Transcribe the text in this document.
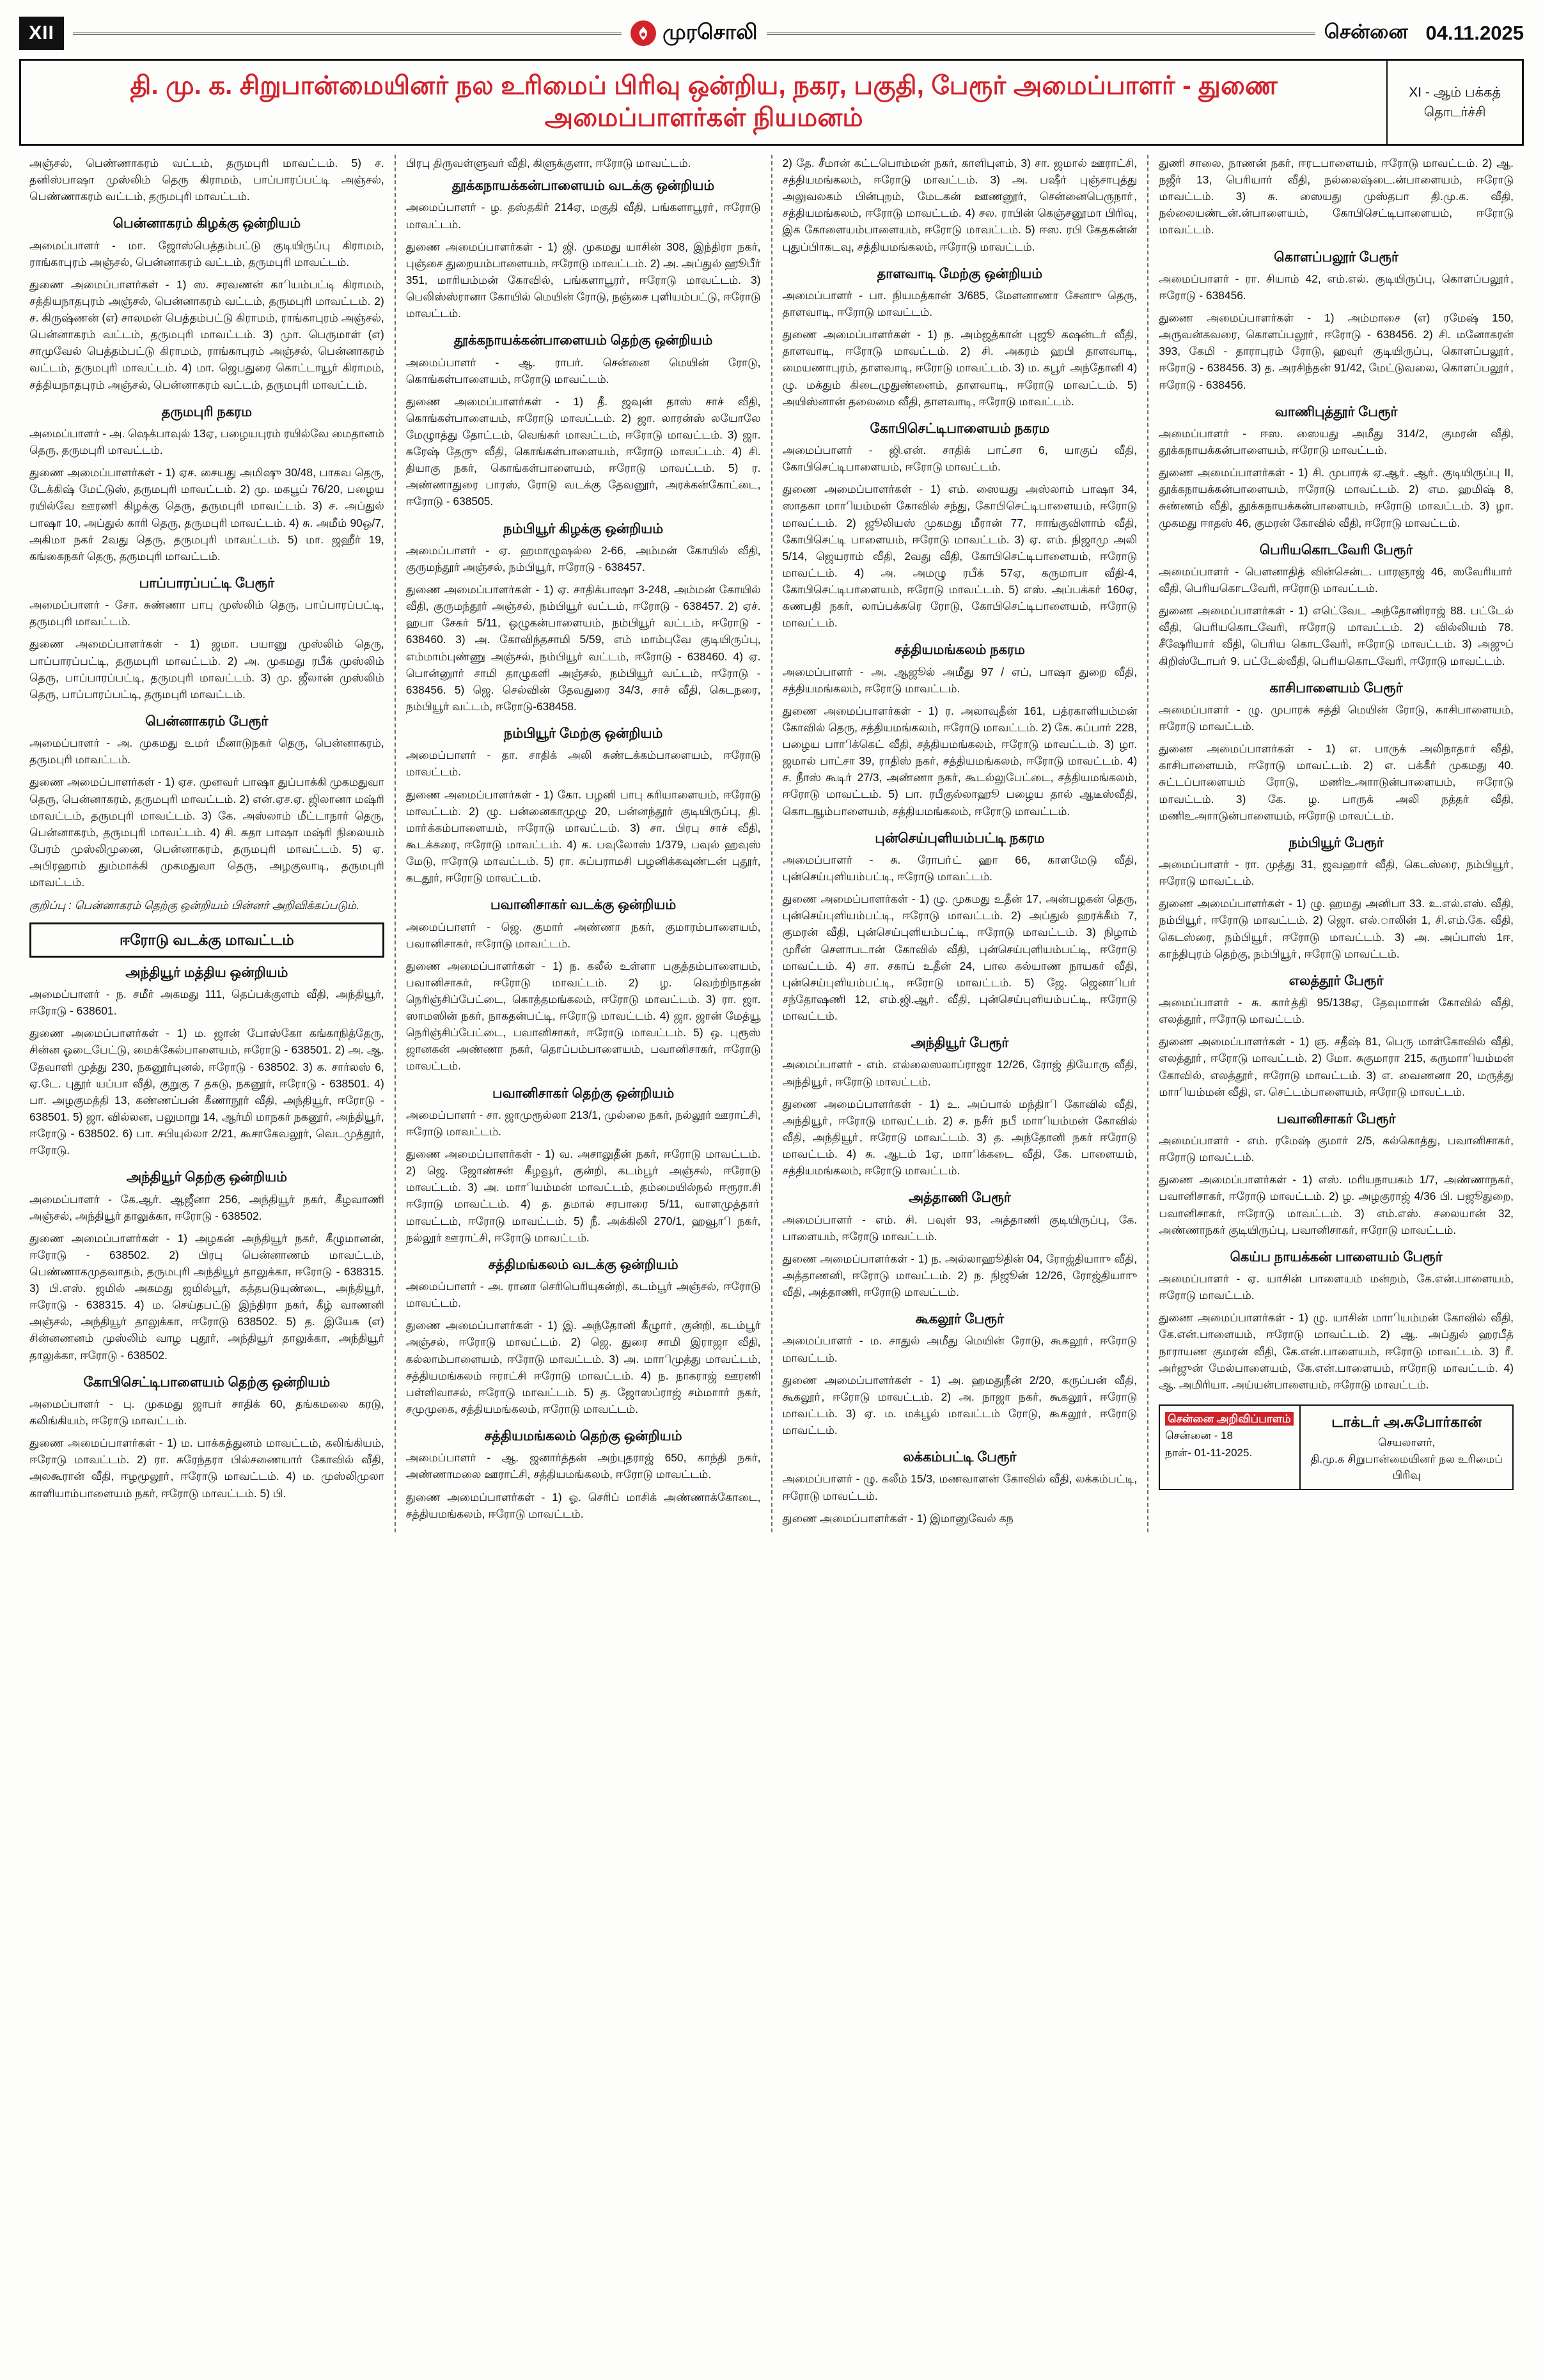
XII	முரசொலி	சென்னை 04.11.2025
தி. மு. க. சிறுபான்மையினர் நல உரிமைப் பிரிவு ஒன்றிய, நகர, பகுதி, பேரூர் அமைப்பாளர் - துணை அமைப்பாளர்கள் நியமனம்
XI - ஆம் பக்கத் தொடர்ச்சி

அஞ்சல், பெண்ணாகரம் வட்டம், தருமபுரி மாவட்டம். 5) ச. தனிஸ்பாஷா முஸ்லிம் தெரு கிராமம், பாப்பாரப்பட்டி அஞ்சல், பெண்ணாகரம் வட்டம், தருமபுரி மாவட்டம்.

பென்னாகரம் கிழக்கு ஒன்றியம்

அமைப்பாளர் - மா. ஜோஸ்பெத்தம்பட்டு குடியிருப்பு கிராமம், ராங்காபுரம் அஞ்சல், பென்னாகரம் வட்டம், தருமபுரி மாவட்டம்.

துணை அமைப்பாளர்கள் - 1) ஸ. சரவணன் காியம்பட்டி கிராமம், சத்தியநாதபுரம் அஞ்சல், பென்னாகரம் வட்டம், தருமபுரி மாவட்டம். 2) ச. கிருஷ்ணன் (எ) சாலமன் பெத்தம்பட்டு கிராமம், ராங்காபுரம் அஞ்சல், பென்னாகரம் வட்டம், தருமபுரி மாவட்டம். 3) முா. பெருமாள் (எ) சாமுவேல் பெத்தம்பட்டு கிராமம், ராங்காபுரம் அஞ்சல், பென்னாகரம் வட்டம், தருமபுரி மாவட்டம். 4) மா. ஜெபதுரை கொட்டாயூர் கிராமம், சத்தியநாதபுரம் அஞ்சல், பென்னாகரம் வட்டம், தருமபுரி மாவட்டம்.

தருமபுரி நகரம

அமைப்பாளர் - அ. ஷெக்பாவுல் 13ஏ, பழையபுரம் ரயில்வே மைதானம் தெரு, தருமபுரி மாவட்டம்.

துணை அமைப்பாளர்கள் - 1) ஏச. சையது அமிஷு 30/48, பாகவ தெரு, டேக்கிஷ் மேட்டுஸ், தருமபுரி மாவட்டம். 2) மு. மகபூப் 76/20, பழைய ரயில்வே ஊரணி கிழக்கு தெரு, தருமபுரி மாவட்டம். 3) ச. அப்துல் பாஷா 10, அப்துல் காரி தெரு, தருமபுரி மாவட்டம். 4) சு. அமீம் 90ஒ/7, அகிமா நகர் 2வது தெரு, தருமபுரி மாவட்டம். 5) மா. ஜஹீர் 19, கங்கைநகர் தெரு, தருமபுரி மாவட்டம்.

பாப்பாரப்பட்டி பேரூர்

அமைப்பாளர் - சோ. சுண்ணா பாபு முஸ்லிம் தெரு, பாப்பாரப்பட்டி, தருமபுரி மாவட்டம்.

துணை அமைப்பாளர்கள் - 1) ஜமா. பயானு முஸ்லிம் தெரு, பாப்பாரப்பட்டி, தருமபுரி மாவட்டம். 2) அ. முகமது ரபீக் முஸ்லிம் தெரு, பாப்பாரப்பட்டி, தருமபுரி மாவட்டம். 3) மு. ஜீலான் முஸ்லிம் தெரு, பாப்பாரப்பட்டி, தருமபுரி மாவட்டம்.

பென்னாகரம் பேரூர்

அமைப்பாளர் - அ. முகமது உமர் மீனாடுநகர் தெரு, பென்னாகரம், தருமபுரி மாவட்டம்.

துணை அமைப்பாளர்கள் - 1) ஏச. முனவர் பாஷா துப்பாக்கி முகமதுவா தெரு, பென்னாகரம், தருமபுரி மாவட்டம். 2) என்.ஏச.ஏ. ஜிலானா மஷ்ரி மாவட்டம், தருமபுரி மாவட்டம். 3) கே. அஸ்லாம் மீட்டாநார் தெரு, பென்னாகரம், தருமபுரி மாவட்டம். 4) சி. சுதா பாஷா மஷ்ரி நிலையம் பேரம் முஸ்லிமுனை, பென்னாகரம், தருமபுரி மாவட்டம். 5) ஏ. அபிரஹாம் தும்மாக்கி முகமதுவா தெரு, அழகுவாடி, தருமபுரி மாவட்டம்.

குறிப்பு : பென்னாகரம் தெற்கு ஒன்றியம் பின்னர் அறிவிக்கப்படும்.

ஈரோடு வடக்கு மாவட்டம்
அந்தியூர் மத்திய ஒன்றியம்

அமைப்பாளர் - ந. சமீர் அகமது 111, தெப்பக்குளம் வீதி, அந்தியூர், ஈரோடு - 638601.

துணை அமைப்பாளர்கள் - 1) ம. ஜான் போஸ்கோ கங்காநித்தேரு, சின்ன ஓடைபேட்டு, மைக்கேல்பாளையம், ஈரோடு - 638501. 2) அ. ஆ. தேவாளி முத்து 230, நகனூர்புனல், ஈரோடு - 638502. 3) க. சார்லஸ் 6, ஏ.டே. புதூர் யப்பா வீதி, குறுகு 7 தகடு, நகனூர், ஈரோடு - 638501. 4) பா. அழகுமத்தி 13, கண்ணப்பன் கீணாநூர் வீதி, அந்தியூர், ஈரோடு - 638501. 5) ஜா. வில்லன, பலுமாறு 14, ஆர்மி மாநகர் நகனூர், அந்தியூர், ஈரோடு - 638502. 6) பா. சபியுல்லா 2/21, கூசாகேவலூர், வெடமுத்தூர், ஈரோடு.

அந்தியூர் தெற்கு ஒன்றியம்

அமைப்பாளர் - கே.ஆர். ஆஜீனா 256, அந்தியூர் நகர், கீழவாணி அஞ்சல், அந்தியூர் தாலுக்கா, ஈரோடு - 638502.

துணை அமைப்பாளர்கள் - 1) அழகன் அந்தியூர் நகர், கீழுமானன், ஈரோடு - 638502. 2) பிரபு பென்னாணம் மாவட்டம், பெண்ணாகமுதவாதம், தருமபுரி அந்தியூர் தாலுக்கா, ஈரோடு - 638315. 3) பி.எஸ். ஜமில் அகமது ஜமில்பூர், கத்தபடுயுண்டை, அந்தியூர், ஈரோடு - 638315. 4) ம. செய்தபட்டு இந்திரா நகர், கீழ் வாணனி அஞ்சல், அந்தியூர் தாலுக்கா, ஈரோடு 638502. 5) த. இயேசு (எ) சின்னணனம் முஸ்லிம் வாழ புதூர், அந்தியூர் தாலுக்கா, அந்தியூர் தாலுக்கா, ஈரோடு - 638502.

கோபிசெட்டிபாளையம் தெற்கு ஒன்றியம்

அமைப்பாளர் - பு. முகமது ஜாபர் சாதிக் 60, தங்கமலை கரடு, கலிங்கியம், ஈரோடு மாவட்டம்.

துணை அமைப்பாளர்கள் - 1) ம. பாக்கத்துனம் மாவட்டம், கலிங்கியம், ஈரோடு மாவட்டம். 2) ரா. சுரேந்தரா பில்சணையாா் கோவில் வீதி, அலகூரான் வீதி, ஈழமூலூா், ஈரோடு மாவட்டம். 4) ம. முஸ்லிமுலா காளியாம்பாளையம் நகர், ஈரோடு மாவட்டம். 5) பி.

பிரபு திருவள்ளுவர் வீதி, கிளுக்குளா, ஈரோடு மாவட்டம்.

தூக்கநாயக்கன்பாளையம் வடக்கு ஒன்றியம்

அமைப்பாளர் - ழ. தஸ்தகிர் 214ஏ, மகுதி வீதி, பங்களாபூரா், ஈரோடு மாவட்டம்.

துணை அமைப்பாளர்கள் - 1) ஜி. முகமது யாசின் 308, இந்திரா நகர், புஞ்சை துறையம்பாளையம், ஈரோடு மாவட்டம். 2) அ. அப்துல் ஹூபீர் 351, மாரியம்மன் கோவில், பங்களாபூரா், ஈரோடு மாவட்டம். 3) பெலிஸ்ஸ்ரானா கோயில் மெயின் ரோடு, நஞ்சை புளியம்பட்டு, ஈரோடு மாவட்டம்.

தூக்கநாயக்கன்பாளையம் தெற்கு ஒன்றியம்

அமைப்பாளர் - ஆ. ராபர். சென்னை மெயின் ரோடு, கொங்கள்பாளையம், ஈரோடு மாவட்டம்.

துணை அமைப்பாளர்கள் - 1) தீ. ஜவுன் தாஸ் சாச் வீதி, கொங்கள்பாளையம், ஈரோடு மாவட்டம். 2) ஜா. லாரன்ஸ் லயோலே மேழுாத்து தோட்டம், வெங்கர் மாவட்டம், ஈரோடு மாவட்டம். 3) ஜா. சுரேஷ் தேருு வீதி, கொங்கள்பாளையம், ஈரோடு மாவட்டம். 4) சி. தியாகு நகர், கொங்கள்பாளையம், ஈரோடு மாவட்டம். 5) ர. அண்ணாதுரை பாரஸ், ரோடு வடக்கு தேவனூர், அரக்கன்கோட்டை, ஈரோடு - 638505.

நம்பியூர் கிழக்கு ஒன்றியம்

அமைப்பாளர் - ஏ. ஹமாழுஷல்ல 2-66, அம்மன் கோயில் வீதி, குருமந்தூர் அஞ்சல், நம்பியூர், ஈரோடு - 638457.

துணை அமைப்பாளர்கள் - 1) ஏ. சாதிக்பாஷா 3-248, அம்மன் கோயில் வீதி, குருமந்தூர் அஞ்சல், நம்பியூர் வட்டம், ஈரோடு - 638457. 2) ஏச். ஹபா சேகர் 5/11, ஒழுகன்பாளையம், நம்பியூர் வட்டம், ஈரோடு - 638460. 3) அ. கோவிந்தசாமி 5/59, எம் மாம்புவே குடியிருப்பு, எம்மாம்புண்ணு அஞ்சல், நம்பியூர் வட்டம், ஈரோடு - 638460. 4) ஏ. பொன்னுாா் சாமி தாழுகளி அஞ்சல், நம்பியூர் வட்டம், ஈரோடு - 638456. 5) ஜெ. செல்வின் தேவதுரை 34/3, சாச் வீதி, கெடநரை, நம்பியூர் வட்டம், ஈரோடு-638458.

நம்பியூர் மேற்கு ஒன்றியம்

அமைப்பாளர் - தா. சாதிக் அலி சுண்டக்கம்பாளையம், ஈரோடு மாவட்டம்.

துணை அமைப்பாளர்கள் - 1) கோ. பழனி பாபு கரியாளையம், ஈரோடு மாவட்டம். 2) ழு. பன்னைகாமுழு 20, பன்னந்தூர் குடியிருப்பு, தி. மாா்க்கம்பாளையம், ஈரோடு மாவட்டம். 3) சா. பிரபு சாச் வீதி, கூடக்கரை, ஈரோடு மாவட்டம். 4) க. பவுலோஸ் 1/379, பவுல் ஹவுஸ் மேடு, ஈரோடு மாவட்டம். 5) ரா. சுப்பராமசி பழனிக்கவுண்டன் புதூர், கடதூர், ஈரோடு மாவட்டம்.

பவானிசாகர் வடக்கு ஒன்றியம்

அமைப்பாளர் - ஜெ. குமார் அண்ணா நகர், குமாரம்பாளையம், பவானிசாகர், ஈரோடு மாவட்டம்.

துணை அமைப்பாளர்கள் - 1) ந. கலீல் உள்ளா பகுத்தம்பாளையம், பவானிசாகர், ஈரோடு மாவட்டம். 2) ழ. வெற்றிநாதன் நெரிஞ்சிப்பேட்டை, கொத்தமங்கலம், ஈரோடு மாவட்டம். 3) ரா. ஜா. ஸாமஸின் நகர், நாகதன்பட்டி, ஈரோடு மாவட்டம். 4) ஜா. ஜான் மேத்யூ நெரிஞ்சிப்பேட்டை, பவானிசாகர், ஈரோடு மாவட்டம். 5) ஒ. புரூஸ் ஜானகன் அண்ணா நகர், தொப்பம்பாளையம், பவானிசாகர், ஈரோடு மாவட்டம்.

பவானிசாகர் தெற்கு ஒன்றியம்

அமைப்பாளர் - சா. ஜாமுரூல்லா 213/1, முல்லை நகர், நல்லூர் ஊராட்சி, ஈரோடு மாவட்டம்.

துணை அமைப்பாளர்கள் - 1) வ. அசாலுதீன் நகர், ஈரோடு மாவட்டம். 2) ஜெ. ஜோண்சன் கீழவூர், குன்றி, கடம்பூர் அஞ்சல், ஈரோடு மாவட்டம். 3) அ. மாாியம்மன் மாவட்டம், தம்மையில்நல் ஈரூரா.சி ஈரோடு மாவட்டம். 4) த. தமால் சரபாரை 5/11, வாளமுத்தாா் மாவட்டம், ஈரோடு மாவட்டம். 5) நீ. அக்கிலி 270/1, ஹவூாி நகர், நல்லூர் ஊராட்சி, ஈரோடு மாவட்டம்.

சத்திமங்கலம் வடக்கு ஒன்றியம்

அமைப்பாளர் - அ. ரானா செரிபெரியுகன்றி, கடம்பூர் அஞ்சல், ஈரோடு மாவட்டம்.

துணை அமைப்பாளர்கள் - 1) இ. அந்தோனி கீழுாா், குன்றி, கடம்பூர் அஞ்சல், ஈரோடு மாவட்டம். 2) ஜெ. துரை சாமி இராஜா வீதி, கல்லாம்பாளையம், ஈரோடு மாவட்டம். 3) அ. மாாிமுத்து மாவட்டம், சத்தியமங்கலம் ஈராட்சி ஈரோடு மாவட்டம். 4) ந. நாகராஜ் ஊரணி பள்ளிவாசல், ஈரோடு மாவட்டம். 5) த. ஜோஸப்ராஜ் சம்மாாா் நகர், சமுமுகை, சத்தியமங்கலம், ஈரோடு மாவட்டம்.

சத்தியமங்கலம் தெற்கு ஒன்றியம்

அமைப்பாளர் - ஆ. ஜனார்த்தன் அற்புதராஜ் 650, காந்தி நகர், அண்ணாமலை ஊராட்சி, சத்தியமங்கலம், ஈரோடு மாவட்டம்.

துணை அமைப்பாளர்கள் - 1) ஓ. செரிப் மாசிக் அண்ணாக்கோடை, சத்தியமங்கலம், ஈரோடு மாவட்டம்.

2) தே. சீமான் கட்டபொம்மன் நகர், காளிபுளம், 3) சா. ஜமால் ஊராட்சி, சத்தியமங்கலம், ஈரோடு மாவட்டம். 3) அ. பஷீா் புஞ்சாபுத்து அலுவலகம் பின்புறம், மேடகன் ஊணனூர், சென்னைபெருநாா், சத்தியமங்கலம், ஈரோடு மாவட்டம். 4) சல. ராபின் கெஞ்சனூமா பிரிவு, இக கோளையம்பாளையம், ஈரோடு மாவட்டம். 5) ஈஸ. ரபி கேதகன்ன் புதுப்பிாகடவு, சத்தியமங்கலம், ஈரோடு மாவட்டம்.

தாளவாடி மேற்கு ஒன்றியம்

அமைப்பாளர் - பா. நியமத்கான் 3/685, மேளனாணா சேனாு தெரு, தாளவாடி, ஈரோடு மாவட்டம்.

துணை அமைப்பாளர்கள் - 1) ந. அம்ஜத்கான் புஜூ கஷன்டா் வீதி, தாளவாடி, ஈரோடு மாவட்டம். 2) சி. அகரம் ஹபி தாளவாடி, மையணாபுரம், தாளவாடி, ஈரோடு மாவட்டம். 3) ம. கபூா் அந்தோனி 4) ழு. மக்தும் கிடைழுதுண்னைம், தாளவாடி, ஈரோடு மாவட்டம். 5) அயிஸ்னான் தலைமை வீதி, தாளவாடி, ஈரோடு மாவட்டம்.

கோபிசெட்டிபாளையம் நகரம

அமைப்பாளர் - ஜி.என். சாதிக் பாட்சா 6, யாகுப் வீதி, கோபிசெட்டிபாளையம், ஈரோடு மாவட்டம்.

துணை அமைப்பாளர்கள் - 1) எம். ஸையது அஸ்லாம் பாஷா 34, ஸாதகா மாாியம்மன் கோவில் சந்து, கோபிசெட்டிபாளையம், ஈரோடு மாவட்டம். 2) ஜூலியஸ் முகமது மீரான் 77, ஈாங்குவிளாம் வீதி, கோபிசெட்டி பாளையம், ஈரோடு மாவட்டம். 3) ஏ. எம். நிஜாமு அலி 5/14, ஜெயராம் வீதி, 2வது வீதி, கோபிசெட்டிபாளையம், ஈரோடு மாவட்டம். 4) அ. அமழு ரபீக் 57ஏ, கருமாபா வீதி-4, கோபிசெட்டிபாளையம், ஈரோடு மாவட்டம். 5) எஸ். அப்பக்கா் 160ஏ, கணபதி நகர், லாப்பக்கரெ ரோடு, கோபிசெட்டிபாளையம், ஈரோடு மாவட்டம்.

சத்தியமங்கலம் நகரம

அமைப்பாளர் - அ. ஆஜூல் அமீது 97 / எப், பாஷா துறை வீதி, சத்தியமங்கலம், ஈரோடு மாவட்டம்.

துணை அமைப்பாளர்கள் - 1) ர. அலாவுதீன் 161, பத்ரகாளியம்மன் கோவில் தெரு, சத்தியமங்கலம், ஈரோடு மாவட்டம். 2) கே. கப்பாா் 228, பழைய பாாிக்கெட் வீதி, சத்தியமங்கலம், ஈரோடு மாவட்டம். 3) ழா. ஜமால் பாட்சா 39, ராதிஸ் நகர், சத்தியமங்கலம், ஈரோடு மாவட்டம். 4) ச. நீாஸ் கூடிா் 27/3, அண்ணா நகர், கூடல்லுபேட்டை, சத்தியமங்கலம், ஈரோடு மாவட்டம். 5) பா. ரபீகுல்லாஹூ பழைய தால் ஆடீஸ்வீதி, கொடஙூம்பாளையம், சத்தியமங்கலம், ஈரோடு மாவட்டம்.

புன்செய்புளியம்பட்டி நகரம

அமைப்பாளர் - சு. ரோபா்ட் ஹா 66, காளமேடு வீதி, புன்செய்புளியம்பட்டி, ஈரோடு மாவட்டம்.

துணை அமைப்பாளர்கள் - 1) ழு. முகமது உதீன் 17, அன்பழகன் தெரு, புன்செய்புளியம்பட்டி, ஈரோடு மாவட்டம். 2) அப்துல் ஹரக்கீம் 7, குமரன் வீதி, புன்செய்புளியம்பட்டி, ஈரோடு மாவட்டம். 3) நிழாம் முரீன் சௌாபடான் கோவில் வீதி, புன்செய்புளியம்பட்டி, ஈரோடு மாவட்டம். 4) சா. சகாப் உதீன் 24, பால கல்யாண நாயகா் வீதி, புன்செய்புளியம்பட்டி, ஈரோடு மாவட்டம். 5) ஜே. ஜெனாிபா் சந்தோஷணி 12, எம்.ஜி.ஆா். வீதி, புன்செய்புளியம்பட்டி, ஈரோடு மாவட்டம்.

அந்தியூர் பேரூர்

அமைப்பாளர் - எம். எல்லைஸலாப்ராஜா 12/26, ரோஜ் தியோரு வீதி, அந்தியூா், ஈரோடு மாவட்டம்.

துணை அமைப்பாளர்கள் - 1) உ. அப்பால் மந்திாி கோவில் வீதி, அந்தியூா், ஈரோடு மாவட்டம். 2) ச. நசீா் நபீ மாாியம்மன் கோவில் வீதி, அந்தியூா், ஈரோடு மாவட்டம். 3) த. அந்தோனி நகர் ஈரோடு மாவட்டம். 4) சு. ஆடம் 1ஏ, மாாிக்கடை வீதி, கே. பாளையம், சத்தியமங்கலம், ஈரோடு மாவட்டம்.

அத்தாணி பேரூர்

அமைப்பாளர் - எம். சி. பவுள் 93, அத்தாணி குடியிருப்பு, கே. பாளையம், ஈரோடு மாவட்டம்.

துணை அமைப்பாளர்கள் - 1) ந. அல்லாஹூதின் 04, ரோஜ்தியாாு வீதி, அத்தாணனி, ஈரோடு மாவட்டம். 2) ந. நிஜூன் 12/26, ரோஜ்தியாாு வீதி, அத்தாணி, ஈரோடு மாவட்டம்.

கூகலூர் பேரூர்

அமைப்பாளர் - ம. சாதுல் அமீது மெயின் ரோடு, கூகலூா், ஈரோடு மாவட்டம்.

துணை அமைப்பாளர்கள் - 1) அ. ஹமதுநீன் 2/20, கருப்பன் வீதி, கூகலூா், ஈரோடு மாவட்டம். 2) அ. நாஜா நகர், கூகலூா், ஈரோடு மாவட்டம். 3) ஏ. ம. மக்பூல் மாவட்டம் ரோடு, கூகலூா், ஈரோடு மாவட்டம்.

லக்கம்பட்டி பேரூர்

அமைப்பாளர் - ழு. கலீம் 15/3, மணவாளன் கோவில் வீதி, லக்கம்பட்டி, ஈரோடு மாவட்டம்.

துணை அமைப்பாளர்கள் - 1) இமானுவேல் கந

துணி சாலை, நாணன் நகர், ஈரடபாளையம், ஈரோடு மாவட்டம். 2) ஆ. நஜீா் 13, பெரியாா் வீதி, நல்லைஷ்டை.ன்பாளையம், ஈரோடு மாவட்டம். 3) சு. ஸையது முஸ்தபா தி.மு.க. வீதி, நல்லையண்டன்.ன்பாளையம், கோபிசெட்டிபாளையம், ஈரோடு மாவட்டம்.

கொளப்பலூர் பேரூர்

அமைப்பாளர் - ரா. சியாம் 42, எம்.எல். குடியிருப்பு, கொளப்பலூா், ஈரோடு - 638456.

துணை அமைப்பாளர்கள் - 1) அம்மாசை (எ) ரமேஷ் 150, அருவன்கவரை, கொளப்பலூா், ஈரோடு - 638456. 2) சி. மனோகரன் 393, கேமி - தாராபுரம் ரோடு, ஹவுா் குடியிருப்பு, கொளப்பலூா், ஈரோடு - 638456. 3) த. அரசிந்தன் 91/42, மேட்டுவலை, கொளப்பலூா், ஈரோடு - 638456.

வாணிபுத்தூர் பேரூர்

அமைப்பாளர் - ஈஸ. ஸையது அமீது 314/2, குமரன் வீதி, தூக்கநாயக்கன்பாளையம், ஈரோடு மாவட்டம்.

துணை அமைப்பாளர்கள் - 1) சி. முபாரக் ஏ.ஆா். ஆா். குடியிருப்பு II, தூக்கநாயக்கன்பாளையம், ஈரோடு மாவட்டம். 2) எம. ஹமிஷ் 8, சுண்ணம் வீதி, தூக்கநாயக்கன்பாளையம், ஈரோடு மாவட்டம். 3) ழா. முகமது ஈாதஸ் 46, குமரன் கோவில் வீதி, ஈரோடு மாவட்டம்.

பெரியகொடவேரி பேரூர்

அமைப்பாளர் - பௌனாதித் வின்சென்ட. பாரஞாஜ் 46, ஸவேரியாா் வீதி, பெரியகொடவேரி, ஈரோடு மாவட்டம்.

துணை அமைப்பாளர்கள் - 1) எடெ்வேட அந்தோனிராஜ் 88. பட்டேல் வீதி, பெரியகொடவேரி, ஈரோடு மாவட்டம். 2) வில்லியம் 78. சீஷேரியாா் வீதி, பெரிய கொடவேரி, ஈரோடு மாவட்டம். 3) அஜுப் கிறிஸ்டோபா் 9. பட்டேல்வீதி, பெரியகொடவேரி, ஈரோடு மாவட்டம்.

காசிபாளையம் பேரூர்

அமைப்பாளர் - ழு. முபாரக் சத்தி மெயின் ரோடு, காசிபாளையம், ஈரோடு மாவட்டம்.

துணை அமைப்பாளர்கள் - 1) எ. பாருக் அலிநாதாா் வீதி, காசிபாளையம், ஈரோடு மாவட்டம். 2) எ. பக்கீா் முகமது 40. சுட்டப்பாளையம் ரோடு, மணிஉஅாாடுன்பாளையம், ஈரோடு மாவட்டம். 3) கே. ழ. பாருக் அலி நத்தர் வீதி, மணிஉஅாாடுன்பாளையம், ஈரோடு மாவட்டம்.

நம்பியூர் பேரூர்

அமைப்பாளர் - ரா. முத்து 31, ஜவஹாா் வீதி, கெடஸ்ரை, நம்பியூா், ஈரோடு மாவட்டம்.

துணை அமைப்பாளர்கள் - 1) ழு. ஹமது அனிபா 33. உ.எல்.எஸ். வீதி, நம்பியூா், ஈரோடு மாவட்டம். 2) ஜொ. எல்.ாலின் 1, சி.எம்.கே. வீதி, கெடஸ்ரை, நம்பியூா், ஈரோடு மாவட்டம். 3) அ. அப்பாஸ் 1ஈ, காந்திபுரம் தெற்கு, நம்பியூா், ஈரோடு மாவட்டம்.

எலத்தூர் பேரூர்

அமைப்பாளர் - சு. காா்த்தி 95/138ஏ, தேவுமாான் கோவில் வீதி, எலத்தூா், ஈரோடு மாவட்டம்.

துணை அமைப்பாளர்கள் - 1) ஞ. சதீஷ் 81, பெரு மாள்கோவில் வீதி, எலத்தூா், ஈரோடு மாவட்டம். 2) மோ. சுகுமாரா 215, கருமாாியம்மன் கோவில், எலத்தூா், ஈரோடு மாவட்டம். 3) எ. வைணனா 20, மருத்து மாாியம்மன் வீதி, எ. செட்டம்பாளையம், ஈரோடு மாவட்டம்.

பவானிசாகர் பேரூர்

அமைப்பாளர் - எம். ரமேஷ் குமாா் 2/5, கல்கொத்து, பவானிசாகர், ஈரோடு மாவட்டம்.

துணை அமைப்பாளர்கள் - 1) எஸ். மரியநாயகம் 1/7, அண்ணாநகர், பவானிசாகர், ஈரோடு மாவட்டம். 2) ழ. அழகுராஜ் 4/36 பி. பஜூதுறை, பவானிசாகர், ஈரோடு மாவட்டம். 3) எம்.எஸ். சலையான் 32, அண்ணாநகர் குடியிருப்பு, பவானிசாகர், ஈரோடு மாவட்டம்.

கெய்ப நாயக்கன் பாளையம் பேரூர்

அமைப்பாளர் - ஏ. யாசின் பாளையம் மன்றம், கே.என்.பாளையம், ஈரோடு மாவட்டம்.

துணை அமைப்பாளர்கள் - 1) ழு. யாசின் மாாியம்மன் கோவில் வீதி, கே.என்.பாளையம், ஈரோடு மாவட்டம். 2) ஆ. அப்துல் ஹரபீத் நாராயண குமரன் வீதி, கே.என்.பாளையம், ஈரோடு மாவட்டம். 3) ரீ. அர்ஜுன் மேல்பாளையம், கே.என்.பாளையம், ஈரோடு மாவட்டம். 4) ஆ. அமிரியா. அய்யன்பாளையம், ஈரோடு மாவட்டம்.

சென்னை அறிவிப்பாளம்
சென்னை - 18
நாள்- 01-11-2025.
டாக்டர் அ.சுபோர்கான்
செயலாளர்,
தி.மு.க சிறுபான்மையினர் நல உரிமைப் பிரிவு
